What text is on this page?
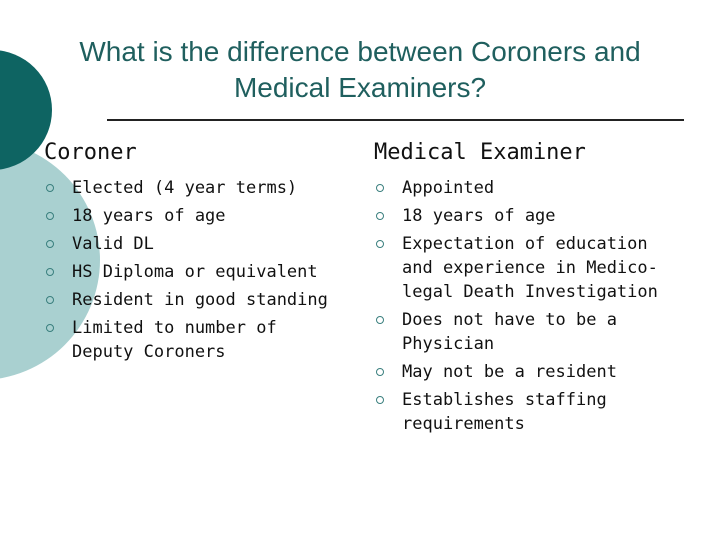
What is the difference between Coroners and Medical Examiners?
Coroner
Elected (4 year terms)
18 years of age
Valid DL
HS Diploma or equivalent
Resident in good standing
Limited to number of Deputy Coroners
Medical Examiner
Appointed
18 years of age
Expectation of education and experience in Medico-legal Death Investigation
Does not have to be a Physician
May not be a resident
Establishes staffing requirements
